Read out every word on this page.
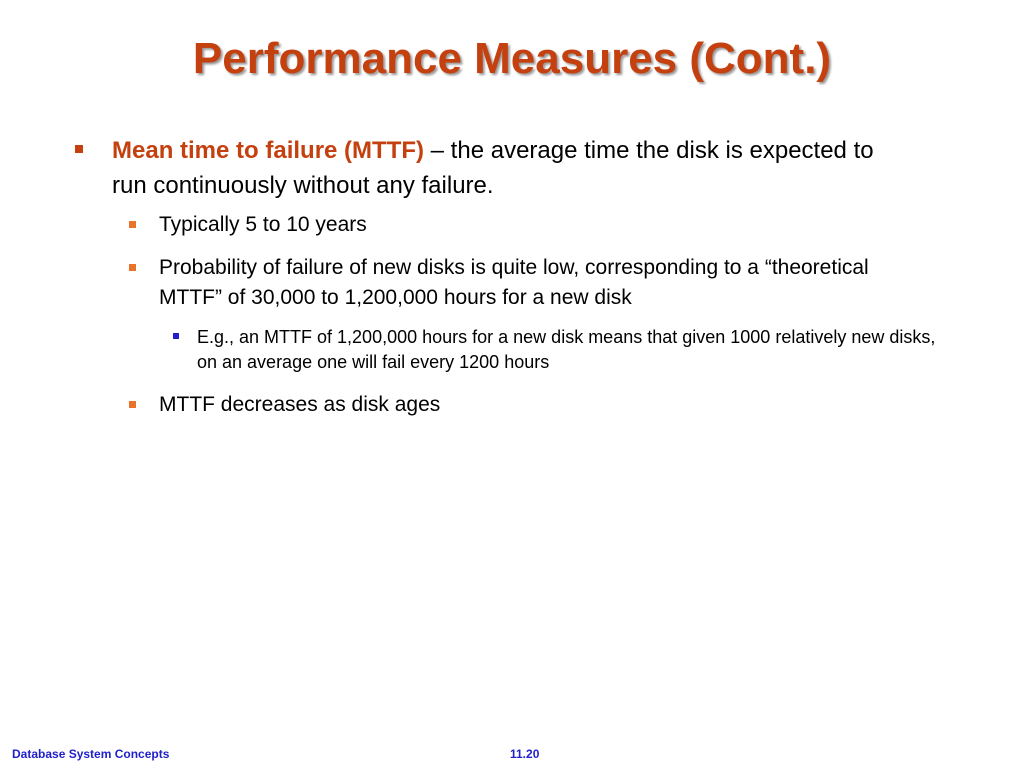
Performance Measures (Cont.)
Mean time to failure (MTTF) – the average time the disk is expected to run continuously without any failure.
Typically 5 to 10 years
Probability of failure of new disks is quite low, corresponding to a “theoretical MTTF” of 30,000 to 1,200,000 hours for a new disk
E.g., an MTTF of 1,200,000 hours for a new disk means that given 1000 relatively new disks, on an average one will fail every 1200 hours
MTTF decreases as disk ages
Database System Concepts	11.20
